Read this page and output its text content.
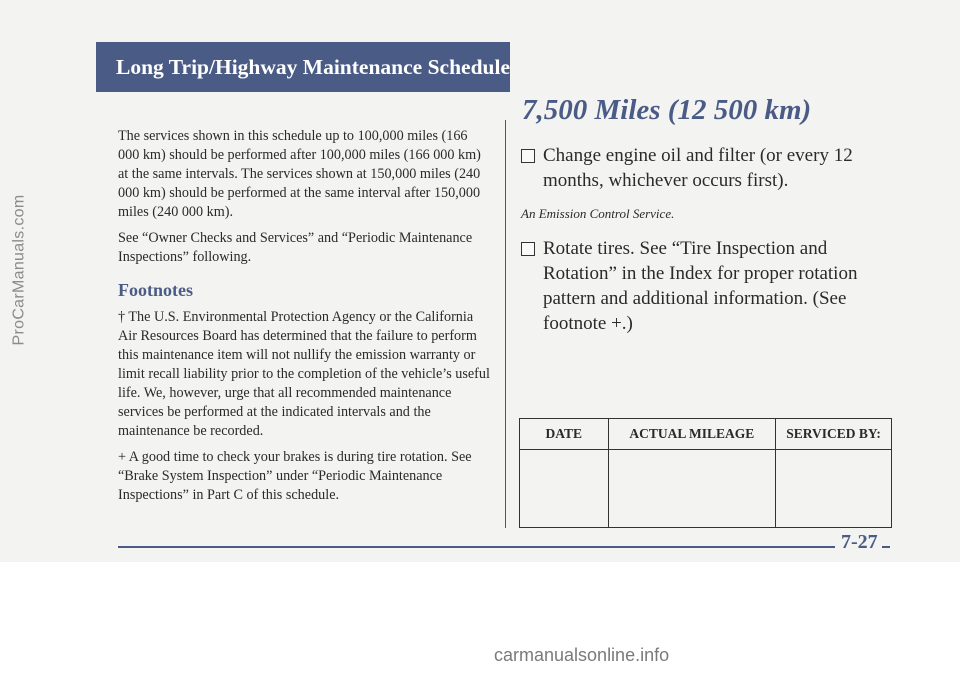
ProCarManuals.com
Long Trip/Highway Maintenance Schedule

The services shown in this schedule up to 100,000 miles (166 000 km) should be performed after 100,000 miles (166 000 km) at the same intervals. The services shown at 150,000 miles (240 000 km) should be performed at the same interval after 150,000 miles (240 000 km).

See “Owner Checks and Services” and “Periodic Maintenance Inspections” following.

Footnotes

† The U.S. Environmental Protection Agency or the California Air Resources Board has determined that the failure to perform this maintenance item will not nullify the emission warranty or limit recall liability prior to the completion of the vehicle’s useful life. We, however, urge that all recommended maintenance services be performed at the indicated intervals and the maintenance be recorded.

+ A good time to check your brakes is during tire rotation. See “Brake System Inspection” under “Periodic Maintenance Inspections” in Part C of this schedule.

7,500 Miles (12 500 km)
Change engine oil and filter (or every 12 months, whichever occurs first).
An Emission Control Service.
Rotate tires. See “Tire Inspection and Rotation” in the Index for proper rotation pattern and additional information. (See footnote +.)
DATE	ACTUAL MILEAGE	SERVICED BY:

7-27
carmanualsonline.info
